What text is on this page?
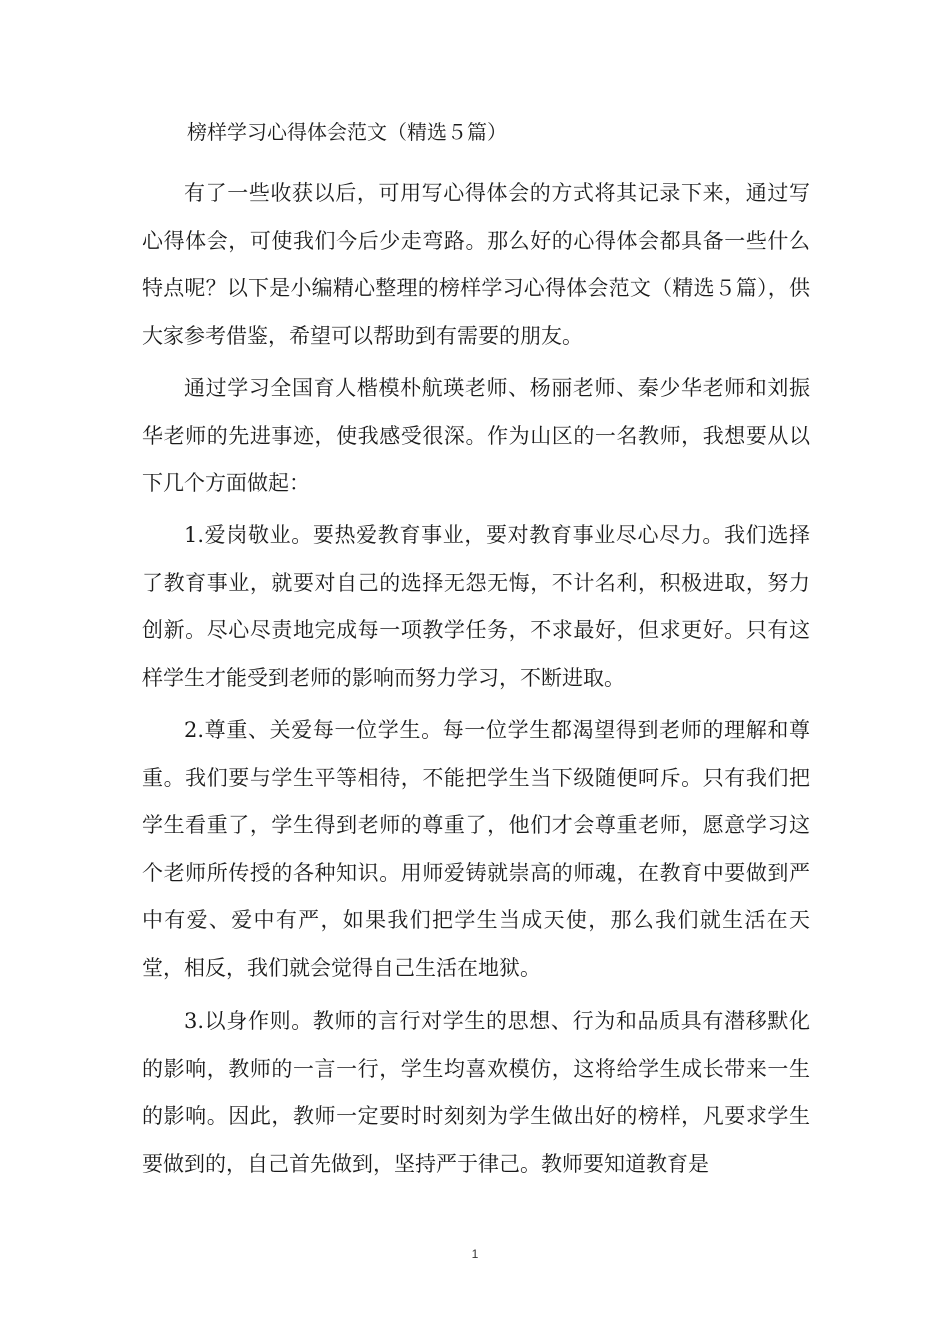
榜样学习心得体会范文（精选５篇）

有了一些收获以后，可用写心得体会的方式将其记录下来，通过写心得体会，可使我们今后少走弯路。那么好的心得体会都具备一些什么特点呢？以下是小编精心整理的榜样学习心得体会范文（精选５篇），供大家参考借鉴，希望可以帮助到有需要的朋友。

通过学习全国育人楷模朴航瑛老师、杨丽老师、秦少华老师和刘振华老师的先进事迹，使我感受很深。作为山区的一名教师，我想要从以下几个方面做起：

1.爱岗敬业。要热爱教育事业，要对教育事业尽心尽力。我们选择了教育事业，就要对自己的选择无怨无悔，不计名利，积极进取，努力创新。尽心尽责地完成每一项教学任务，不求最好，但求更好。只有这样学生才能受到老师的影响而努力学习，不断进取。

2.尊重、关爱每一位学生。每一位学生都渴望得到老师的理解和尊重。我们要与学生平等相待，不能把学生当下级随便呵斥。只有我们把学生看重了，学生得到老师的尊重了，他们才会尊重老师，愿意学习这个老师所传授的各种知识。用师爱铸就崇高的师魂，在教育中要做到严中有爱、爱中有严，如果我们把学生当成天使，那么我们就生活在天堂，相反，我们就会觉得自己生活在地狱。

3.以身作则。教师的言行对学生的思想、行为和品质具有潜移默化的影响，教师的一言一行，学生均喜欢模仿，这将给学生成长带来一生的影响。因此，教师一定要时时刻刻为学生做出好的榜样，凡要求学生要做到的，自己首先做到，坚持严于律己。教师要知道教育是

1
